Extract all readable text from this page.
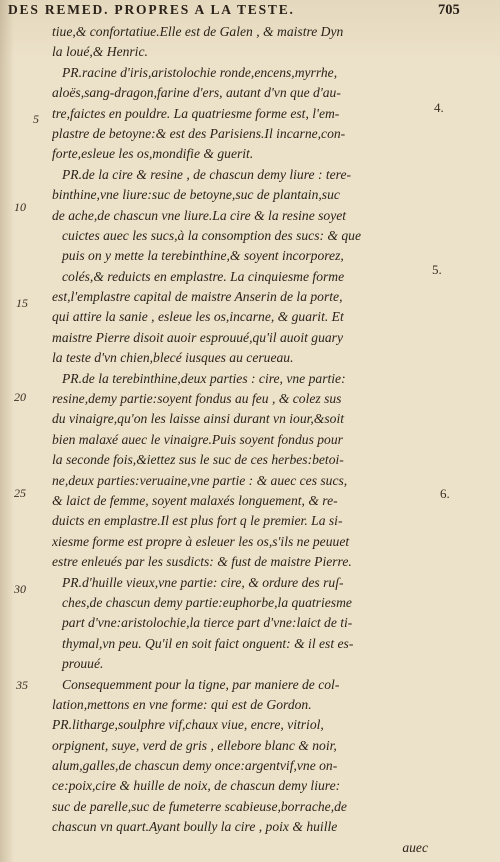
DES REMED. PROPRES A LA TESTE.	705
tiue,& confortatiue.Elle est de Galen , & maistre Dyn
la loué,& Henric.
PR.racine d'iris,aristolochie ronde,encens,myrrhe,
aloës,sang-dragon,farine d'ers, autant d'vn que d'au-
tre,faictes en pouldre. La quatriesme forme est, l'em-
plastre de betoyne:& est des Parisiens.Il incarne,con-
forte,esleue les os,mondifie & guerit.
PR.de la cire & resine , de chascun demy liure : tere-
binthine,vne liure:suc de betoyne,suc de plantain,suc
de ache,de chascun vne liure.La cire & la resine soyet
cuictes auec les sucs,à la consomption des sucs: & que
puis on y mette la terebinthine,& soyent incorporez,
colés,& reduicts en emplastre. La cinquiesme forme
est,l'emplastre capital de maistre Anserin de la porte,
qui attire la sanie , esleue les os,incarne, & guarit. Et
maistre Pierre disoit auoir esprouué,qu'il auoit guary
la teste d'vn chien,blecé iusques au cerueau.
PR.de la terebinthine,deux parties : cire, vne partie:
resine,demy partie:soyent fondus au feu , & colez sus
du vinaigre,qu'on les laisse ainsi durant vn iour,&soit
bien malaxé auec le vinaigre.Puis soyent fondus pour
la seconde fois,&iettez sus le suc de ces herbes:betoi-
ne,deux parties:veruaine,vne partie : & auec ces sucs,
& laict de femme, soyent malaxés longuement, & re-
duicts en emplastre.Il est plus fort q le premier. La si-
xiesme forme est propre à esleuer les os,s'ils ne peuuet
estre enleués par les susdicts: & fust de maistre Pierre.
PR.d'huille vieux,vne partie: cire, & ordure des ruſ-
ches,de chascun demy partie:euphorbe,la quatriesme
part d'vne:aristolochie,la tierce part d'vne:laict de ti-
thymal,vn peu. Qu'il en soit faict onguent: & il est es-
prouué.
Consequemment pour la tigne, par maniere de col-
lation,mettons en vne forme: qui est de Gordon.
PR.litharge,soulphre vif,chaux viue, encre, vitriol,
orpignent, suye, verd de gris , ellebore blanc & noir,
alum,galles,de chascun demy once:argentvif,vne on-
ce:poix,cire & huille de noix, de chascun demy liure:
suc de parelle,suc de fumeterre scabieuse,borrache,de
chascun vn quart.Ayant boully la cire , poix & huille
auec
5
10
15
20
25
30
35
4.
5.
6.
